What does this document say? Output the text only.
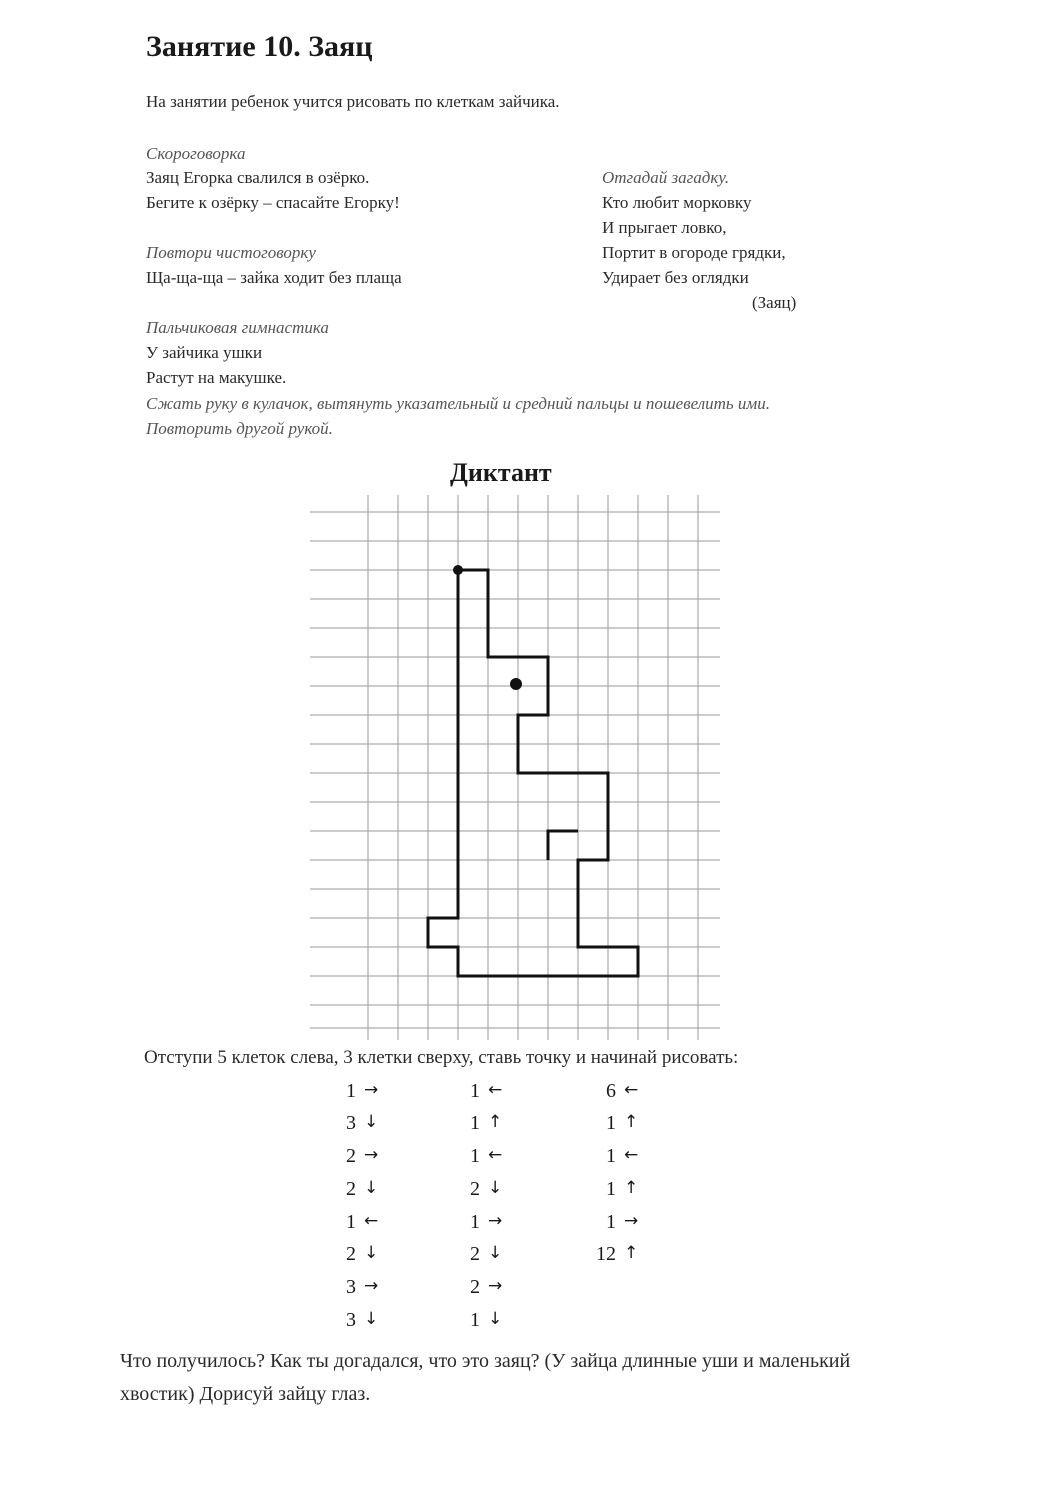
Занятие 10. Заяц
На занятии ребенок учится рисовать по клеткам зайчика.
Скороговорка
Заяц Егорка свалился в озёрко.
Бегите к озёрку – спасайте Егорку!
Отгадай загадку.
Кто любит морковку
И прыгает ловко,
Портит в огороде грядки,
Удирает без оглядки
(Заяц)
Повтори чистоговорку
Ща-ща-ща – зайка ходит без плаща
Пальчиковая гимнастика
У зайчика ушки
Растут на макушке.
Сжать руку в кулачок, вытянуть указательный и средний пальцы и пошевелить ими.
Повторить другой рукой.
Диктант
Отступи 5 клеток слева, 3 клетки сверху, ставь точку и начинай рисовать:
1 →
3 ↓
2 →
2 ↓
1 ←
2 ↓
3 →
3 ↓
1 ←
1 ↑
1 ←
2 ↓
1 →
2 ↓
2 →
1 ↓
6 ←
1 ↑
1 ←
1 ↑
1 →
12 ↑
Что получилось? Как ты догадался, что это заяц? (У зайца длинные уши и маленький хвостик) Дорисуй зайцу глаз.
